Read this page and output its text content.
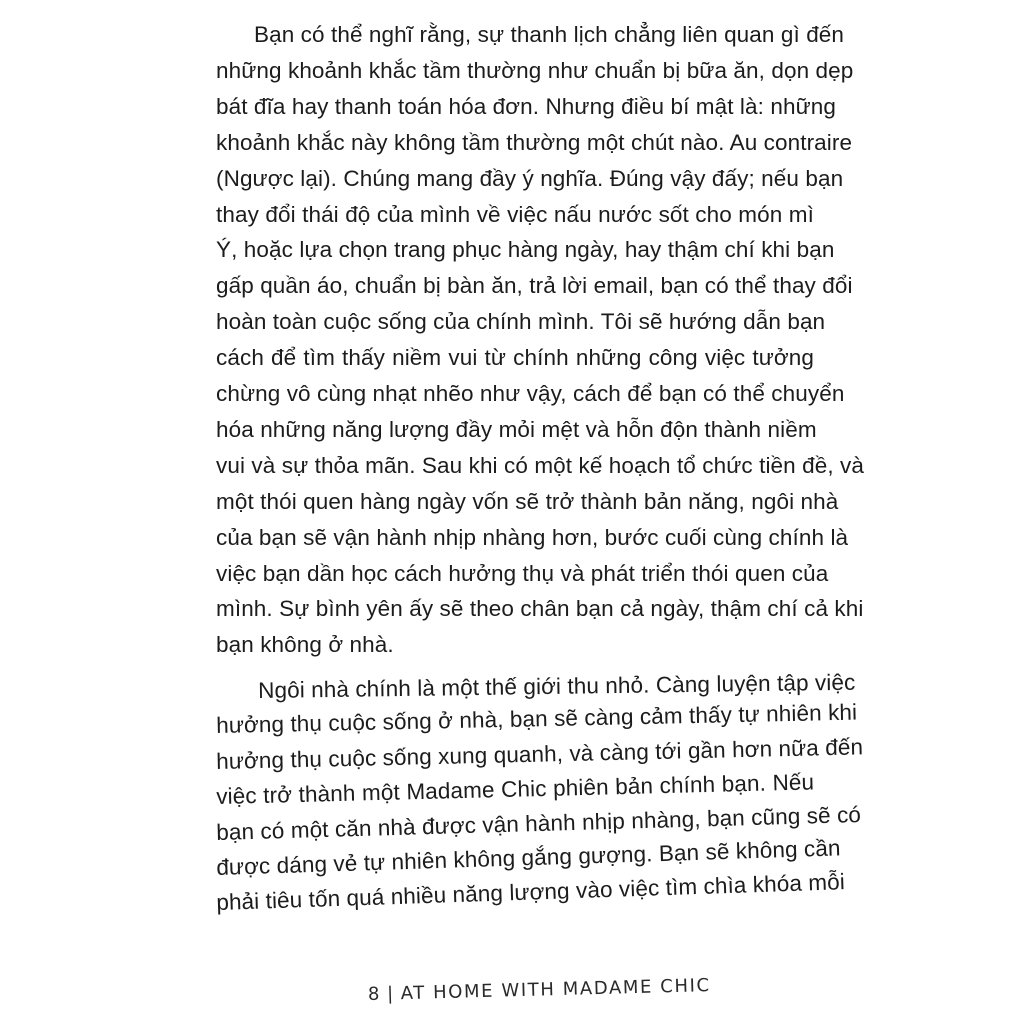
Bạn có thể nghĩ rằng, sự thanh lịch chẳng liên quan gì đến
những khoảnh khắc tầm thường như chuẩn bị bữa ăn, dọn dẹp
bát đĩa hay thanh toán hóa đơn. Nhưng điều bí mật là: những
khoảnh khắc này không tầm thường một chút nào. Au contraire
(Ngược lại). Chúng mang đầy ý nghĩa. Đúng vậy đấy; nếu bạn
thay đổi thái độ của mình về việc nấu nước sốt cho món mì
Ý, hoặc lựa chọn trang phục hàng ngày, hay thậm chí khi bạn
gấp quần áo, chuẩn bị bàn ăn, trả lời email, bạn có thể thay đổi
hoàn toàn cuộc sống của chính mình. Tôi sẽ hướng dẫn bạn
cách để tìm thấy niềm vui từ chính những công việc tưởng
chừng vô cùng nhạt nhẽo như vậy, cách để bạn có thể chuyển
hóa những năng lượng đầy mỏi mệt và hỗn độn thành niềm
vui và sự thỏa mãn. Sau khi có một kế hoạch tổ chức tiền đề, và
một thói quen hàng ngày vốn sẽ trở thành bản năng, ngôi nhà
của bạn sẽ vận hành nhịp nhàng hơn, bước cuối cùng chính là
việc bạn dần học cách hưởng thụ và phát triển thói quen của
mình. Sự bình yên ấy sẽ theo chân bạn cả ngày, thậm chí cả khi
bạn không ở nhà.
Ngôi nhà chính là một thế giới thu nhỏ. Càng luyện tập việc
hưởng thụ cuộc sống ở nhà, bạn sẽ càng cảm thấy tự nhiên khi
hưởng thụ cuộc sống xung quanh, và càng tới gần hơn nữa đến
việc trở thành một Madame Chic phiên bản chính bạn. Nếu
bạn có một căn nhà được vận hành nhịp nhàng, bạn cũng sẽ có
được dáng vẻ tự nhiên không gắng gượng. Bạn sẽ không cần
phải tiêu tốn quá nhiều năng lượng vào việc tìm chìa khóa mỗi
8 | AT HOME WITH MADAME CHIC
